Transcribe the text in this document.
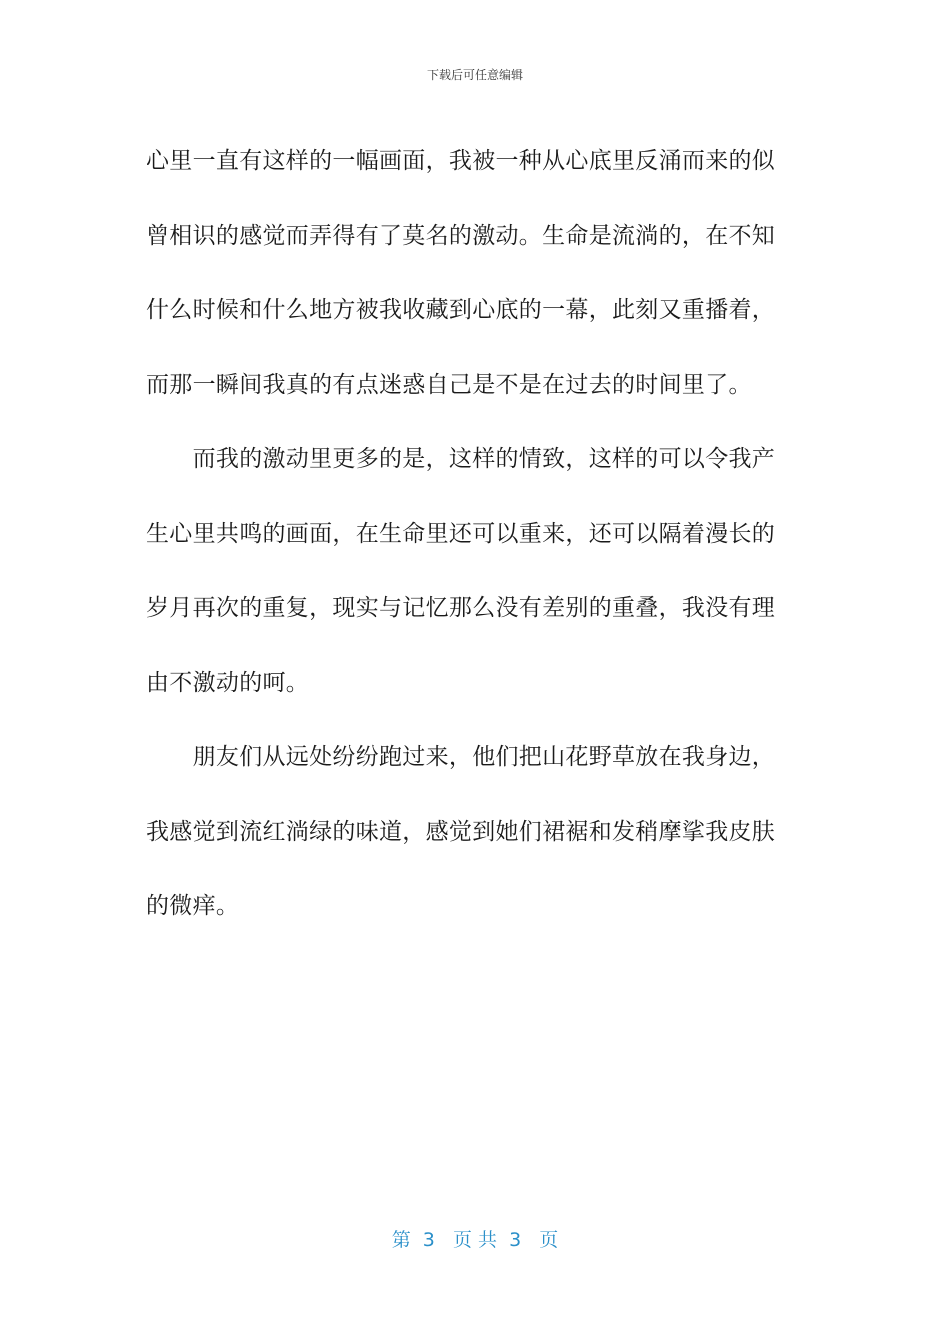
下载后可任意编辑

心里一直有这样的一幅画面，我被一种从心底里反涌而来的似
曾相识的感觉而弄得有了莫名的激动。生命是流淌的，在不知
什么时候和什么地方被我收藏到心底的一幕，此刻又重播着，
而那一瞬间我真的有点迷惑自己是不是在过去的时间里了。

　　而我的激动里更多的是，这样的情致，这样的可以令我产
生心里共鸣的画面，在生命里还可以重来，还可以隔着漫长的
岁月再次的重复，现实与记忆那么没有差别的重叠，我没有理
由不激动的呵。

　　朋友们从远处纷纷跑过来，他们把山花野草放在我身边，
我感觉到流红淌绿的味道，感觉到她们裙裾和发稍摩挲我皮肤
的微痒。

第  3   页 共  3   页
